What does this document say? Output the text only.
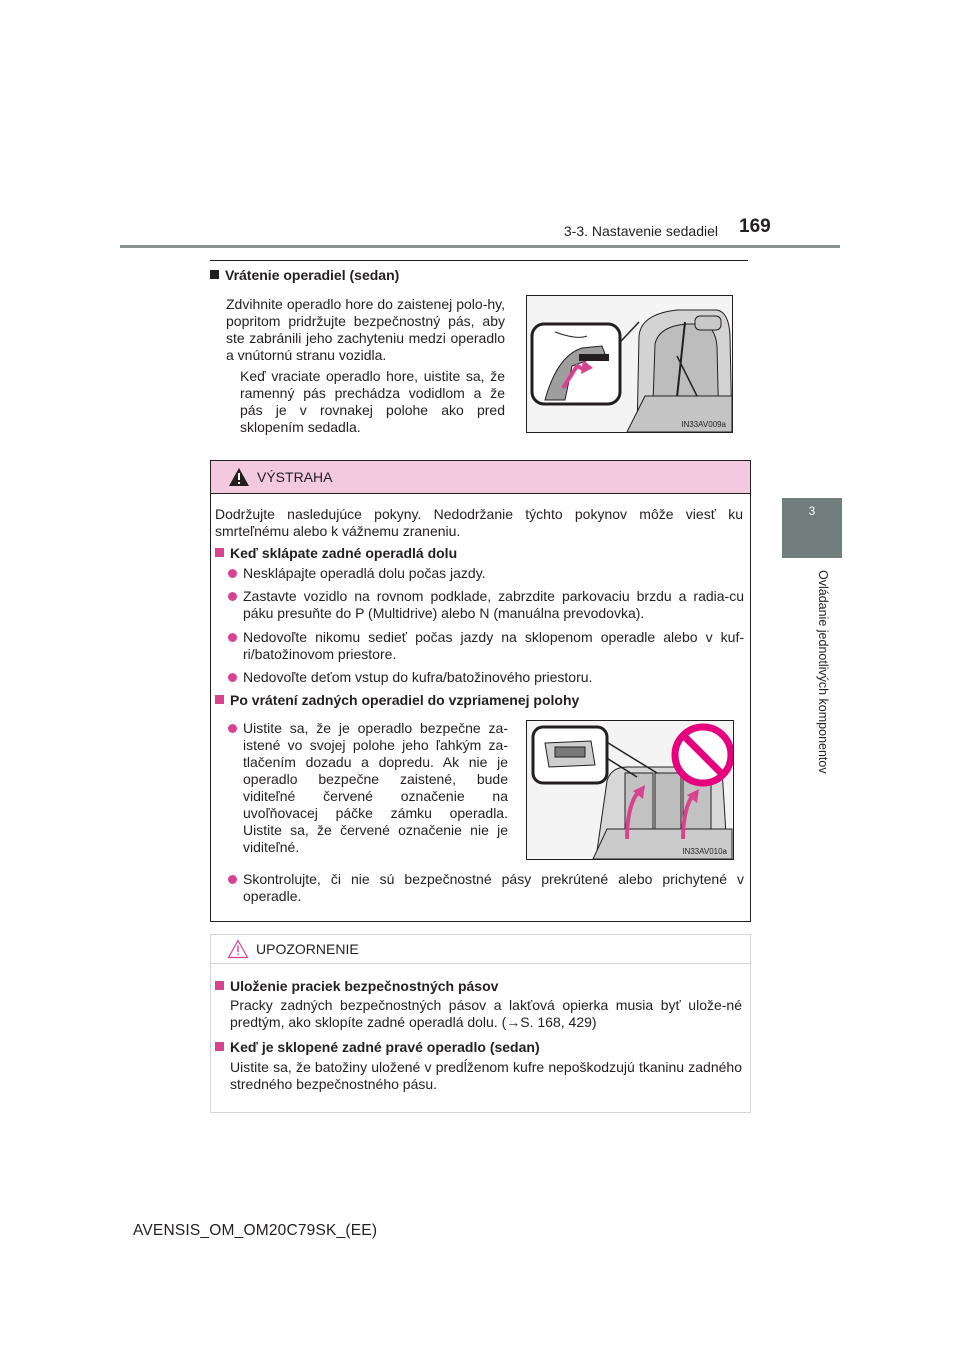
3-3. Nastavenie sedadiel 169
3
Ovládanie jednotlivých komponentov
Vrátenie operadiel (sedan)

Zdvihnite operadlo hore do zaistenej polo-hy, popritom pridržujte bezpečnostný pás, aby ste zabránili jeho zachyteniu medzi operadlo a vnútornú stranu vozidla.

Keď vraciate operadlo hore, uistite sa, že ramenný pás prechádza vodidlom a že pás je v rovnakej polohe ako pred sklopením sedadla.	IN33AV009a
VÝSTRAHA

Dodržujte nasledujúce pokyny. Nedodržanie týchto pokynov môže viesť ku smrteľnému alebo k vážnemu zraneniu.

Keď sklápate zadné operadlá dolu
Nesklápajte operadlá dolu počas jazdy.
Zastavte vozidlo na rovnom podklade, zabrzdite parkovaciu brzdu a radia-cu páku presuňte do P (Multidrive) alebo N (manuálna prevodovka).
Nedovoľte nikomu sedieť počas jazdy na sklopenom operadle alebo v kuf-ri/batožinovom priestore.
Nedovoľte deťom vstup do kufra/batožinového priestoru.
Po vrátení zadných operadiel do vzpriamenej polohy
Uistite sa, že je operadlo bezpečne za-istené vo svojej polohe jeho ľahkým za-tlačením dozadu a dopredu. Ak nie je operadlo bezpečne zaistené, bude viditeľné červené označenie na uvoľňovacej páčke zámku operadla. Uistite sa, že červené označenie nie je viditeľné.	IN33AV010a
Skontrolujte, či nie sú bezpečnostné pásy prekrútené alebo prichytené v operadle.
UPOZORNENIE
Uloženie praciek bezpečnostných pásov

Pracky zadných bezpečnostných pásov a lakťová opierka musia byť ulože-né predtým, ako sklopíte zadné operadlá dolu. (→S. 168, 429)

Keď je sklopené zadné pravé operadlo (sedan)

Uistite sa, že batožiny uložené v predĺženom kufre nepoškodzujú tkaninu zadného stredného bezpečnostného pásu.

AVENSIS_OM_OM20C79SK_(EE)
